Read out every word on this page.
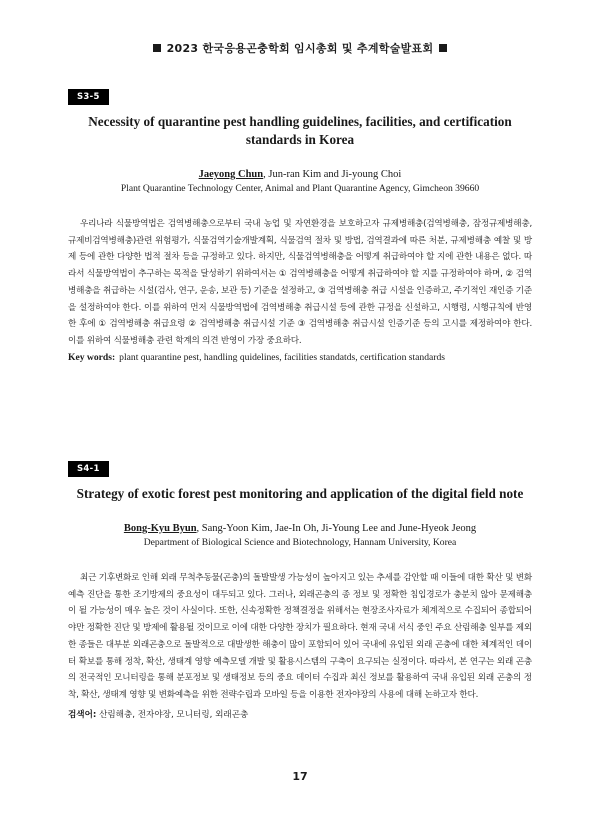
2023 한국응용곤충학회 임시총회 및 추계학술발표회
S3-5
Necessity of quarantine pest handling guidelines, facilities, and certification standards in Korea
Jaeyong Chun, Jun-ran Kim and Ji-young Choi
Plant Quarantine Technology Center, Animal and Plant Quarantine Agency, Gimcheon 39660

우리나라 식물방역법은 검역병해충으로부터 국내 농업 및 자연환경을 보호하고자 규제병해충(검역병해충, 잠정규제병해충, 규제비검역병해충)관련 위험평가, 식물검역기술개발계획, 식물검역 절차 및 방법, 검역결과에 따른 처분, 규제병해충 예찰 및 방제 등에 관한 다양한 법적 절차 등을 규정하고 있다. 하지만, 식물검역병해충을 어떻게 취급하여야 할 지에 관한 내용은 없다. 따라서 식물방역법이 추구하는 목적을 달성하기 위하여서는 ① 검역병해충을 어떻게 취급하여야 할 지를 규정하여야 하며, ② 검역병해충을 취급하는 시설(검사, 연구, 운송, 보관 등) 기준을 설정하고, ③ 검역병해충 취급 시설을 인증하고, 주기적인 재인증 기준을 설정하여야 한다. 이를 위하여 먼저 식물방역법에 검역병해충 취급시설 등에 관한 규정을 신설하고, 시행령, 시행규칙에 반영한 후에 ① 검역병해충 취급요령 ② 검역병해충 취급시설 기준 ③ 검역병해충 취급시설 인증기준 등의 고시를 제정하여야 한다. 이를 위하여 식물병해충 관련 학계의 의견 반영이 가장 중요하다.

Key words: plant quarantine pest, handling quidelines, facilities standatds, certification standards
S4-1
Strategy of exotic forest pest monitoring and application of the digital field note
Bong-Kyu Byun, Sang-Yoon Kim, Jae-In Oh, Ji-Young Lee and June-Hyeok Jeong
Department of Biological Science and Biotechnology, Hannam University, Korea

최근 기후변화로 인해 외래 무척추동물(곤충)의 돌발발생 가능성이 높아지고 있는 추세를 감안할 때 이들에 대한 확산 및 변화예측 진단을 통한 조기방제의 중요성이 대두되고 있다. 그러나, 외래곤충의 종 정보 및 정확한 침입경로가 충분치 않아 문제해충이 될 가능성이 매우 높은 것이 사실이다. 또한, 신속정확한 정책결정을 위해서는 현장조사자료가 체계적으로 수집되어 종합되어야만 정확한 진단 및 방제에 활용될 것이므로 이에 대한 다양한 장치가 필요하다. 현재 국내 서식 중인 주요 산림해충 일부를 제외한 종들은 대부분 외래곤충으로 돌발적으로 대발생한 해충이 많이 포함되어 있어 국내에 유입된 외래 곤충에 대한 체계적인 데이터 확보를 통해 정착, 확산, 생태계 영향 예측모델 개발 및 활용시스템의 구축이 요구되는 실정이다. 따라서, 본 연구는 외래 곤충의 전국적인 모니터링을 통해 분포정보 및 생태정보 등의 중요 데이터 수집과 최신 정보를 활용하여 국내 유입된 외래 곤충의 정착, 확산, 생태계 영향 및 변화예측을 위한 전략수립과 모바일 등을 이용한 전자야장의 사용에 대해 논하고자 한다.

검색어: 산림해충, 전자야장, 모니터링, 외래곤충
17
